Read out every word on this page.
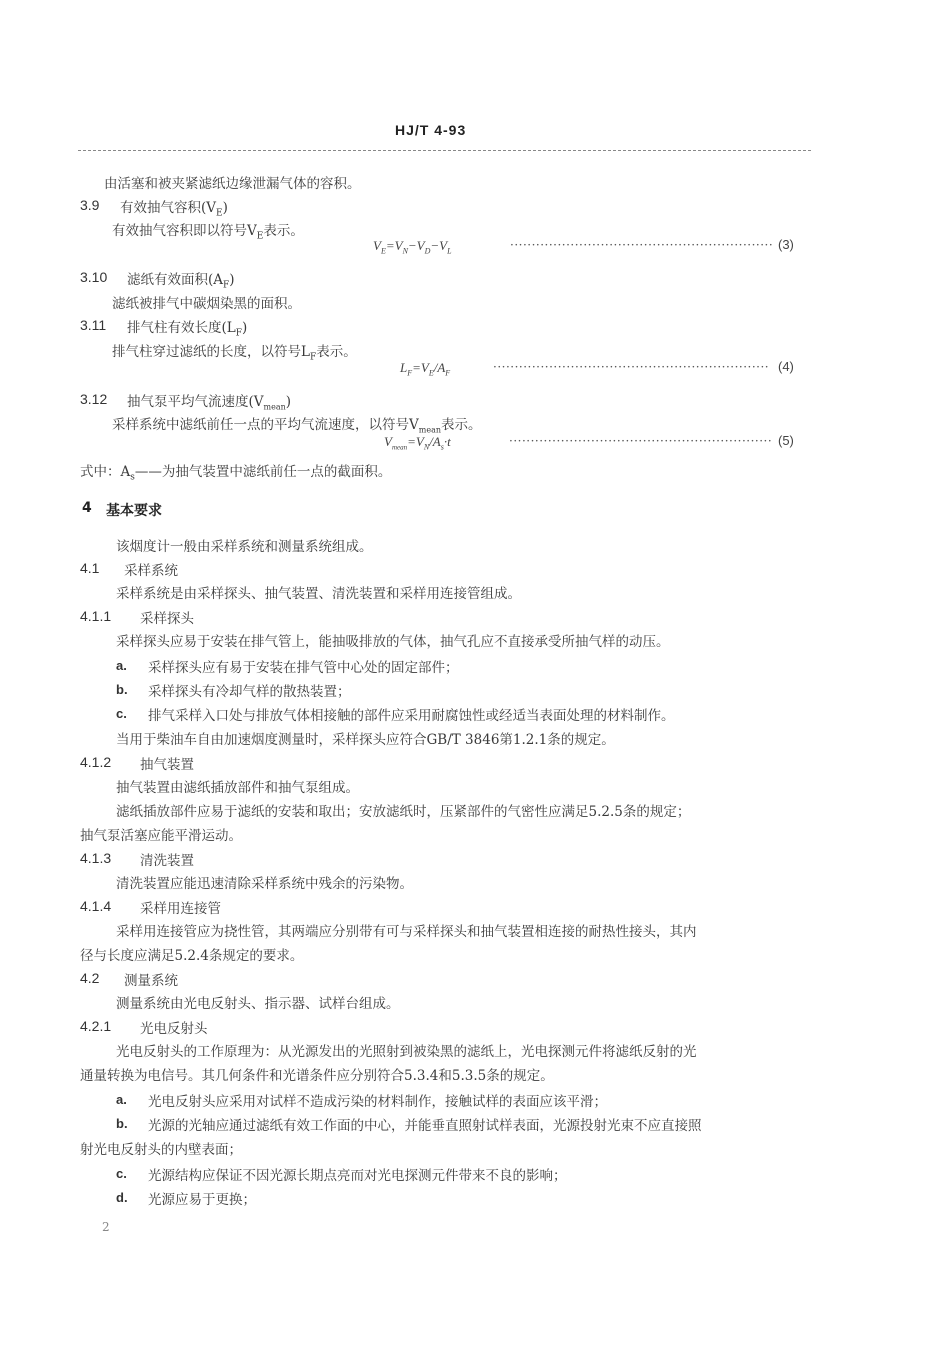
HJ/T 4-93
由活塞和被夹紧滤纸边缘泄漏气体的容积。
3.9 有效抽气容积$(V_E)$
有效抽气容积即以符号$V_E$表示。
$V_E=V_N-V_D-V_L$	····························································· (3)
3.10 滤纸有效面积$(A_F)$
滤纸被排气中碳烟染黑的面积。
3.11 排气柱有效长度$(L_F)$
排气柱穿过滤纸的长度，以符号$L_F$表示。
$L_F=V_E/A_F$	································································ (4)
3.12 抽气泵平均气流速度$(V_{mean})$
采样系统中滤纸前任一点的平均气流速度，以符号$V_{mean}$表示。
$V_{mean}=V_N/A_s\cdot t$	····························································· (5)
式中：$A_s——$为抽气装置中滤纸前任一点的截面积。
4 基本要求
该烟度计一般由采样系统和测量系统组成。
4.1 采样系统
采样系统是由采样探头、抽气装置、清洗装置和采样用连接管组成。
4.1.1 采样探头
采样探头应易于安装在排气管上，能抽吸排放的气体，抽气孔应不直接承受所抽气样的动压。
a. 采样探头应有易于安装在排气管中心处的固定部件；
b. 采样探头有冷却气样的散热装置；
c. 排气采样入口处与排放气体相接触的部件应采用耐腐蚀性或经适当表面处理的材料制作。
当用于柴油车自由加速烟度测量时，采样探头应符合GB/T 3846第1.2.1条的规定。
4.1.2 抽气装置
抽气装置由滤纸插放部件和抽气泵组成。
滤纸插放部件应易于滤纸的安装和取出；安放滤纸时，压紧部件的气密性应满足5.2.5条的规定；
抽气泵活塞应能平滑运动。
4.1.3 清洗装置
清洗装置应能迅速清除采样系统中残余的污染物。
4.1.4 采样用连接管
采样用连接管应为挠性管，其两端应分别带有可与采样探头和抽气装置相连接的耐热性接头，其内
径与长度应满足5.2.4条规定的要求。
4.2 测量系统
测量系统由光电反射头、指示器、试样台组成。
4.2.1 光电反射头
光电反射头的工作原理为：从光源发出的光照射到被染黑的滤纸上，光电探测元件将滤纸反射的光
通量转换为电信号。其几何条件和光谱条件应分别符合5.3.4和5.3.5条的规定。
a. 光电反射头应采用对试样不造成污染的材料制作，接触试样的表面应该平滑；
b. 光源的光轴应通过滤纸有效工作面的中心，并能垂直照射试样表面，光源投射光束不应直接照
射光电反射头的内壁表面；
c. 光源结构应保证不因光源长期点亮而对光电探测元件带来不良的影响；
d. 光源应易于更换；
2
